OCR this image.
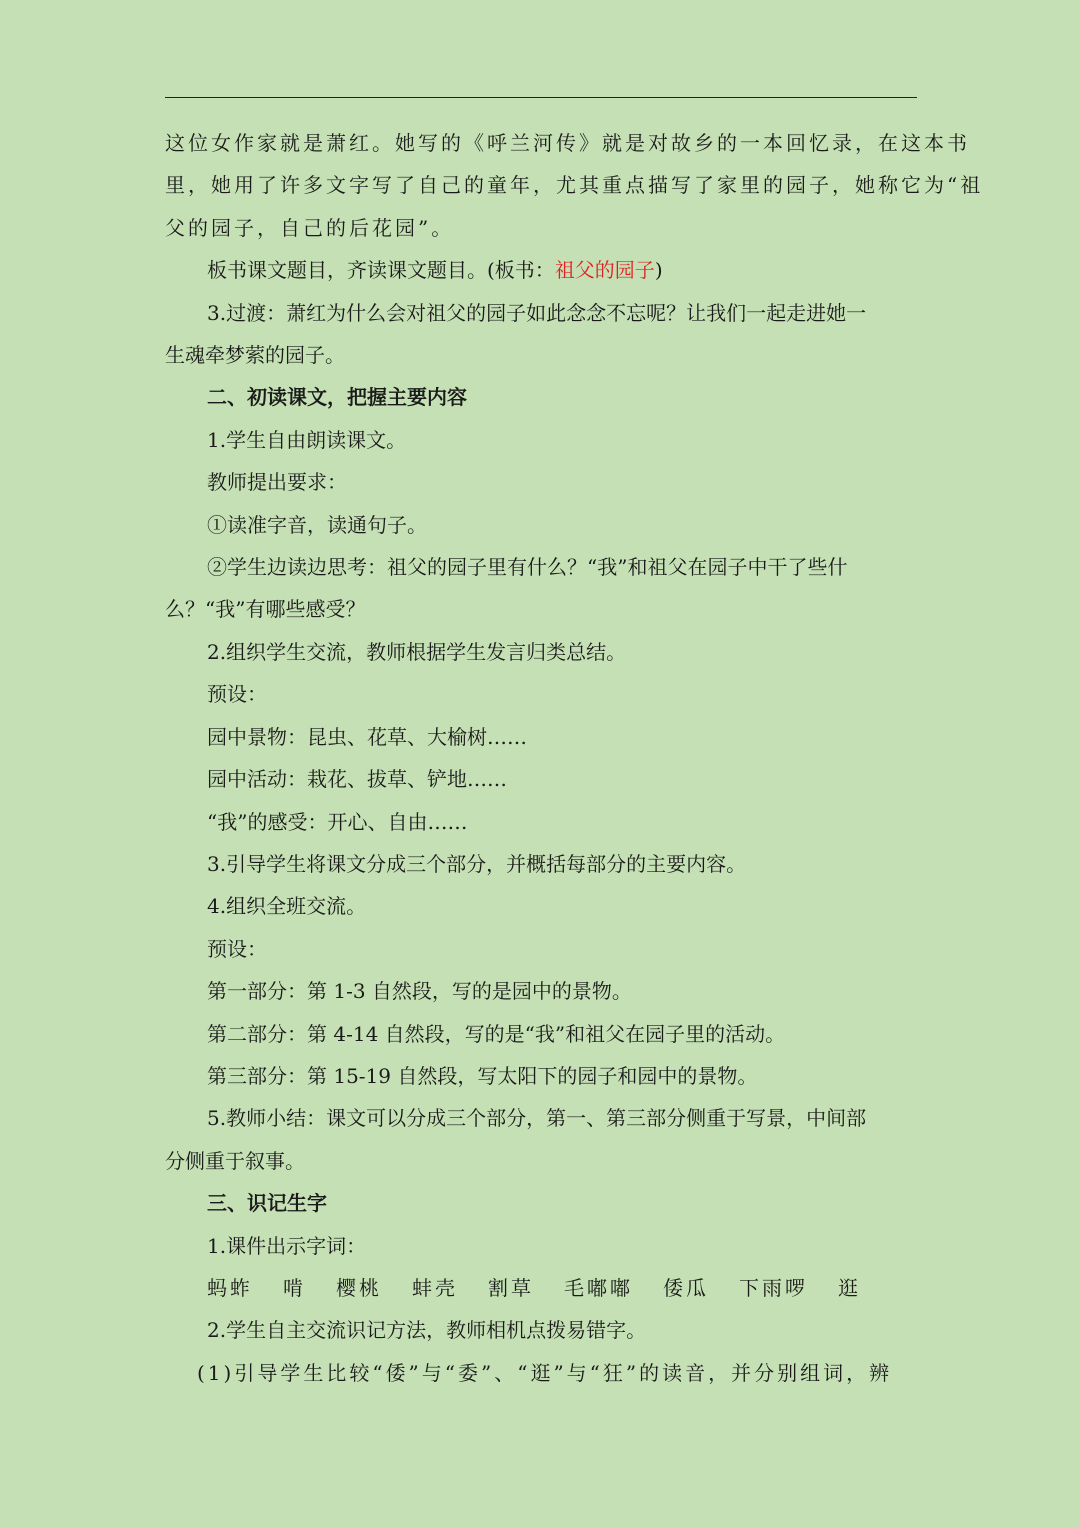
这位女作家就是萧红。她写的《呼兰河传》就是对故乡的一本回忆录，在这本书

里，她用了许多文字写了自己的童年，尤其重点描写了家里的园子，她称它为“祖

父的园子，自己的后花园”。

板书课文题目，齐读课文题目。(板书：祖父的园子)

3.过渡：萧红为什么会对祖父的园子如此念念不忘呢？让我们一起走进她一

生魂牵梦萦的园子。

二、初读课文，把握主要内容

1.学生自由朗读课文。

教师提出要求：

①读准字音，读通句子。

②学生边读边思考：祖父的园子里有什么？“我”和祖父在园子中干了些什

么？“我”有哪些感受？

2.组织学生交流，教师根据学生发言归类总结。

预设：

园中景物：昆虫、花草、大榆树……

园中活动：栽花、拔草、铲地……

“我”的感受：开心、自由……

3.引导学生将课文分成三个部分，并概括每部分的主要内容。

4.组织全班交流。

预设：

第一部分：第 1-3 自然段，写的是园中的景物。

第二部分：第 4-14 自然段，写的是“我”和祖父在园子里的活动。

第三部分：第 15-19 自然段，写太阳下的园子和园中的景物。

5.教师小结：课文可以分成三个部分，第一、第三部分侧重于写景，中间部

分侧重于叙事。

三、识记生字

1.课件出示字词：

蚂蚱 啃 樱桃 蚌壳 割草 毛嘟嘟 倭瓜 下雨啰 逛

2.学生自主交流识记方法，教师相机点拨易错字。

(1)引导学生比较“倭”与“委”、“逛”与“狂”的读音，并分别组词，辨
